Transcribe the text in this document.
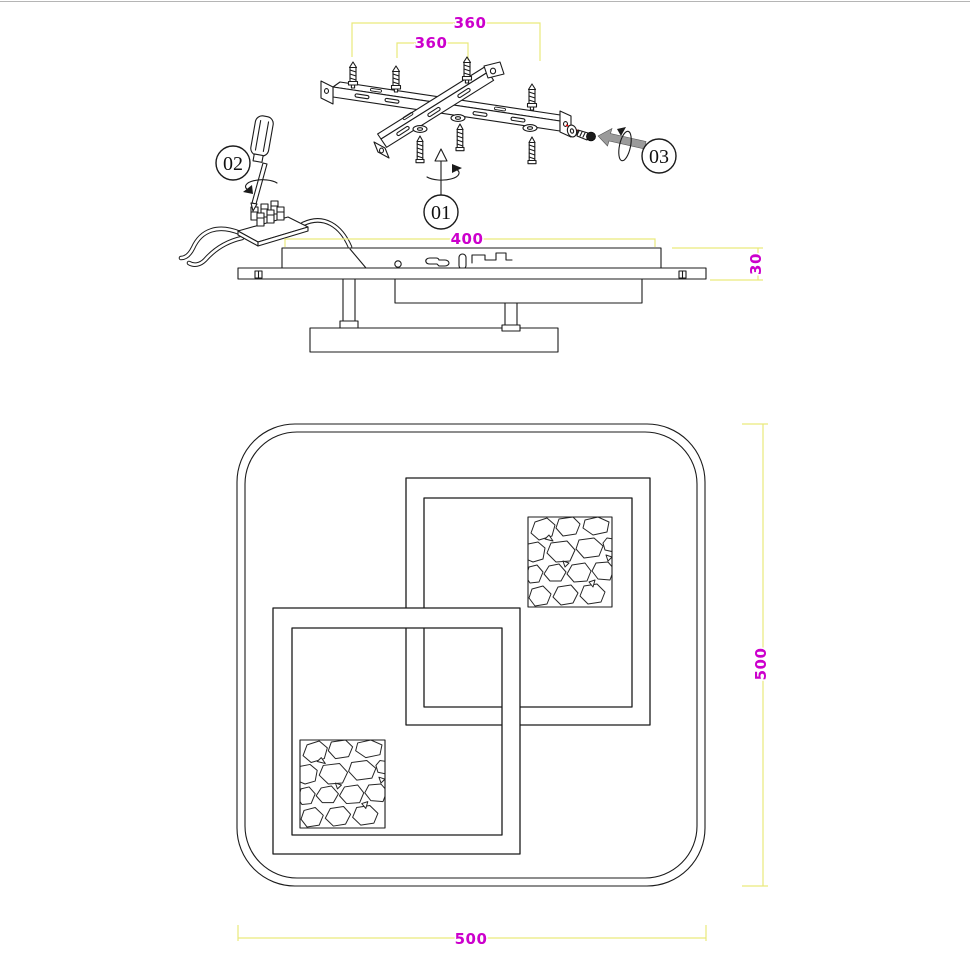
360
360
01
02	03
400
30
500
500
